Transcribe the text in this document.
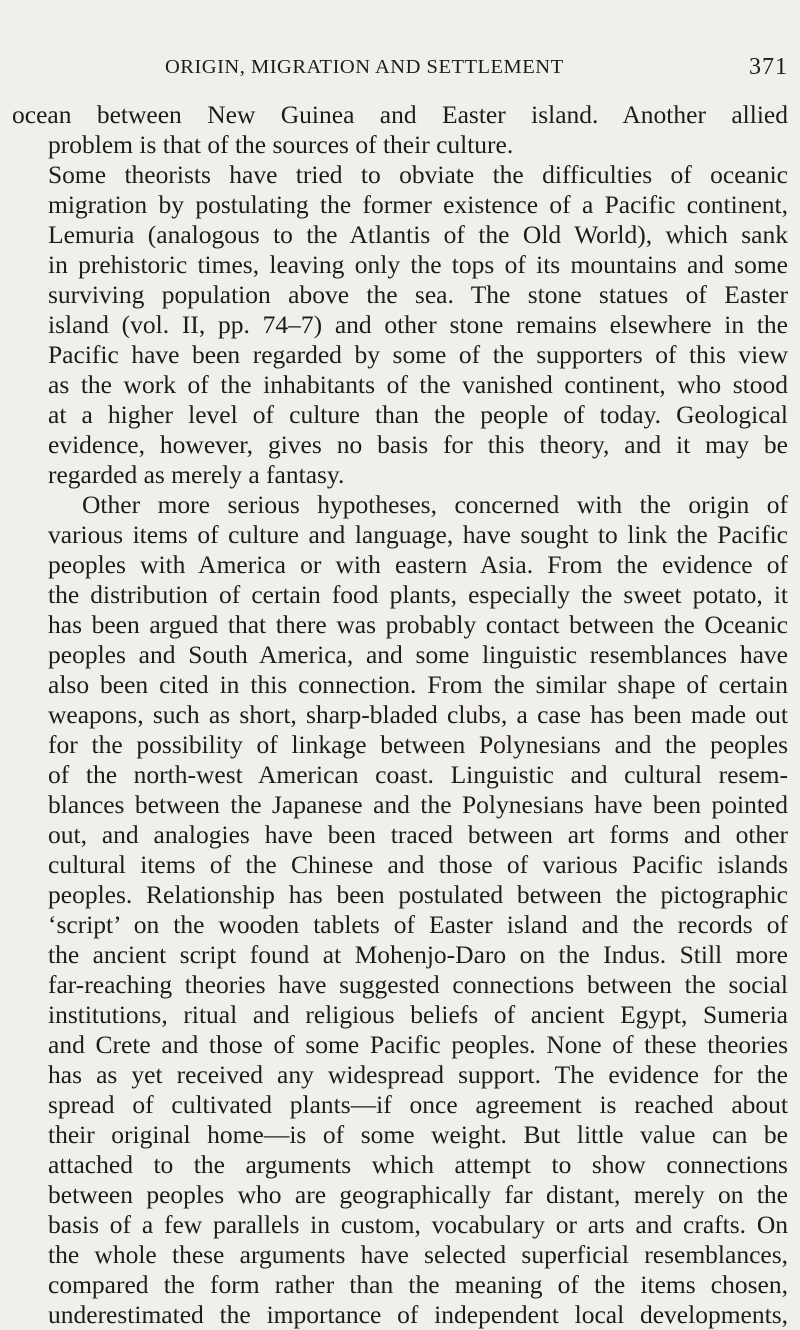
ORIGIN, MIGRATION AND SETTLEMENT	371
ocean between New Guinea and Easter island. Another allied
problem is that of the sources of their culture.
Some theorists have tried to obviate the difficulties of oceanic
migration by postulating the former existence of a Pacific continent,
Lemuria (analogous to the Atlantis of the Old World), which sank
in prehistoric times, leaving only the tops of its mountains and some
surviving population above the sea. The stone statues of Easter
island (vol. II, pp. 74–7) and other stone remains elsewhere in the
Pacific have been regarded by some of the supporters of this view
as the work of the inhabitants of the vanished continent, who stood
at a higher level of culture than the people of today. Geological
evidence, however, gives no basis for this theory, and it may be
regarded as merely a fantasy.
Other more serious hypotheses, concerned with the origin of
various items of culture and language, have sought to link the Pacific
peoples with America or with eastern Asia. From the evidence of
the distribution of certain food plants, especially the sweet potato, it
has been argued that there was probably contact between the Oceanic
peoples and South America, and some linguistic resemblances have
also been cited in this connection. From the similar shape of certain
weapons, such as short, sharp-bladed clubs, a case has been made out
for the possibility of linkage between Polynesians and the peoples
of the north-west American coast. Linguistic and cultural resem-
blances between the Japanese and the Polynesians have been pointed
out, and analogies have been traced between art forms and other
cultural items of the Chinese and those of various Pacific islands
peoples. Relationship has been postulated between the pictographic
‘script’ on the wooden tablets of Easter island and the records of
the ancient script found at Mohenjo-Daro on the Indus. Still more
far-reaching theories have suggested connections between the social
institutions, ritual and religious beliefs of ancient Egypt, Sumeria
and Crete and those of some Pacific peoples. None of these theories
has as yet received any widespread support. The evidence for the
spread of cultivated plants—if once agreement is reached about
their original home—is of some weight. But little value can be
attached to the arguments which attempt to show connections
between peoples who are geographically far distant, merely on the
basis of a few parallels in custom, vocabulary or arts and crafts. On
the whole these arguments have selected superficial resemblances,
compared the form rather than the meaning of the items chosen,
underestimated the importance of independent local developments,
